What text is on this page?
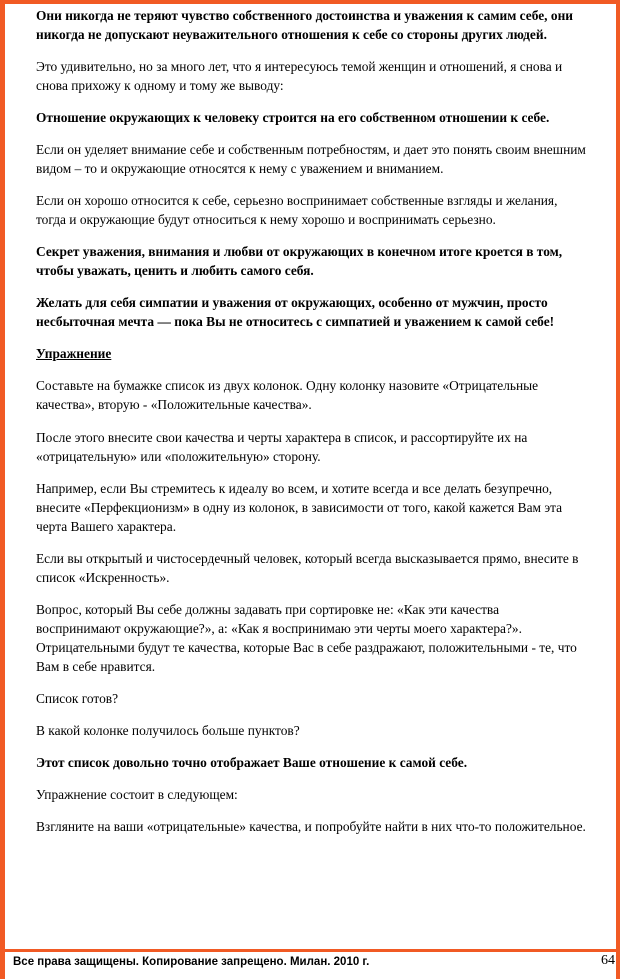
Они никогда не теряют чувство собственного достоинства и уважения к самим себе, они никогда не допускают неуважительного отношения к себе со стороны других людей.

Это удивительно, но за много лет, что я интересуюсь темой женщин и отношений, я снова и снова прихожу к одному и тому же выводу:

Отношение окружающих к человеку строится на его собственном отношении к себе.

Если он уделяет внимание себе и собственным потребностям, и дает это понять своим внешним видом – то и окружающие относятся к нему с уважением и вниманием.

Если он хорошо относится к себе, серьезно воспринимает собственные взгляды и желания, тогда и окружающие будут относиться к нему хорошо и воспринимать серьезно.

Секрет уважения, внимания и любви от окружающих в конечном итоге кроется в том, чтобы уважать, ценить и любить самого себя.

Желать для себя симпатии и уважения от окружающих, особенно от мужчин, просто несбыточная мечта — пока Вы не относитесь с симпатией и уважением к самой себе!

Упражнение

Составьте на бумажке список из двух колонок. Одну колонку назовите «Отрицательные качества», вторую - «Положительные качества».

После этого внесите свои качества и черты характера в список, и рассортируйте их на «отрицательную» или «положительную» сторону.

Например, если Вы стремитесь к идеалу во всем, и хотите всегда и все делать безупречно, внесите «Перфекционизм» в одну из колонок, в зависимости от того, какой кажется Вам эта черта Вашего характера.

Если вы открытый и чистосердечный человек, который всегда высказывается прямо, внесите в список «Искренность».

Вопрос, который Вы себе должны задавать при сортировке не: «Как эти качества воспринимают окружающие?», а: «Как я воспринимаю эти черты моего характера?». Отрицательными будут те качества, которые Вас в себе раздражают, положительными - те, что Вам в себе нравится.

Список готов?

В какой колонке получилось больше пунктов?

Этот список довольно точно отображает Ваше отношение к самой себе.

Упражнение состоит в следующем:

Взгляните на ваши «отрицательные» качества, и попробуйте найти в них что-то положительное.

Все права защищены. Копирование запрещено. Милан. 2010 г.	64
